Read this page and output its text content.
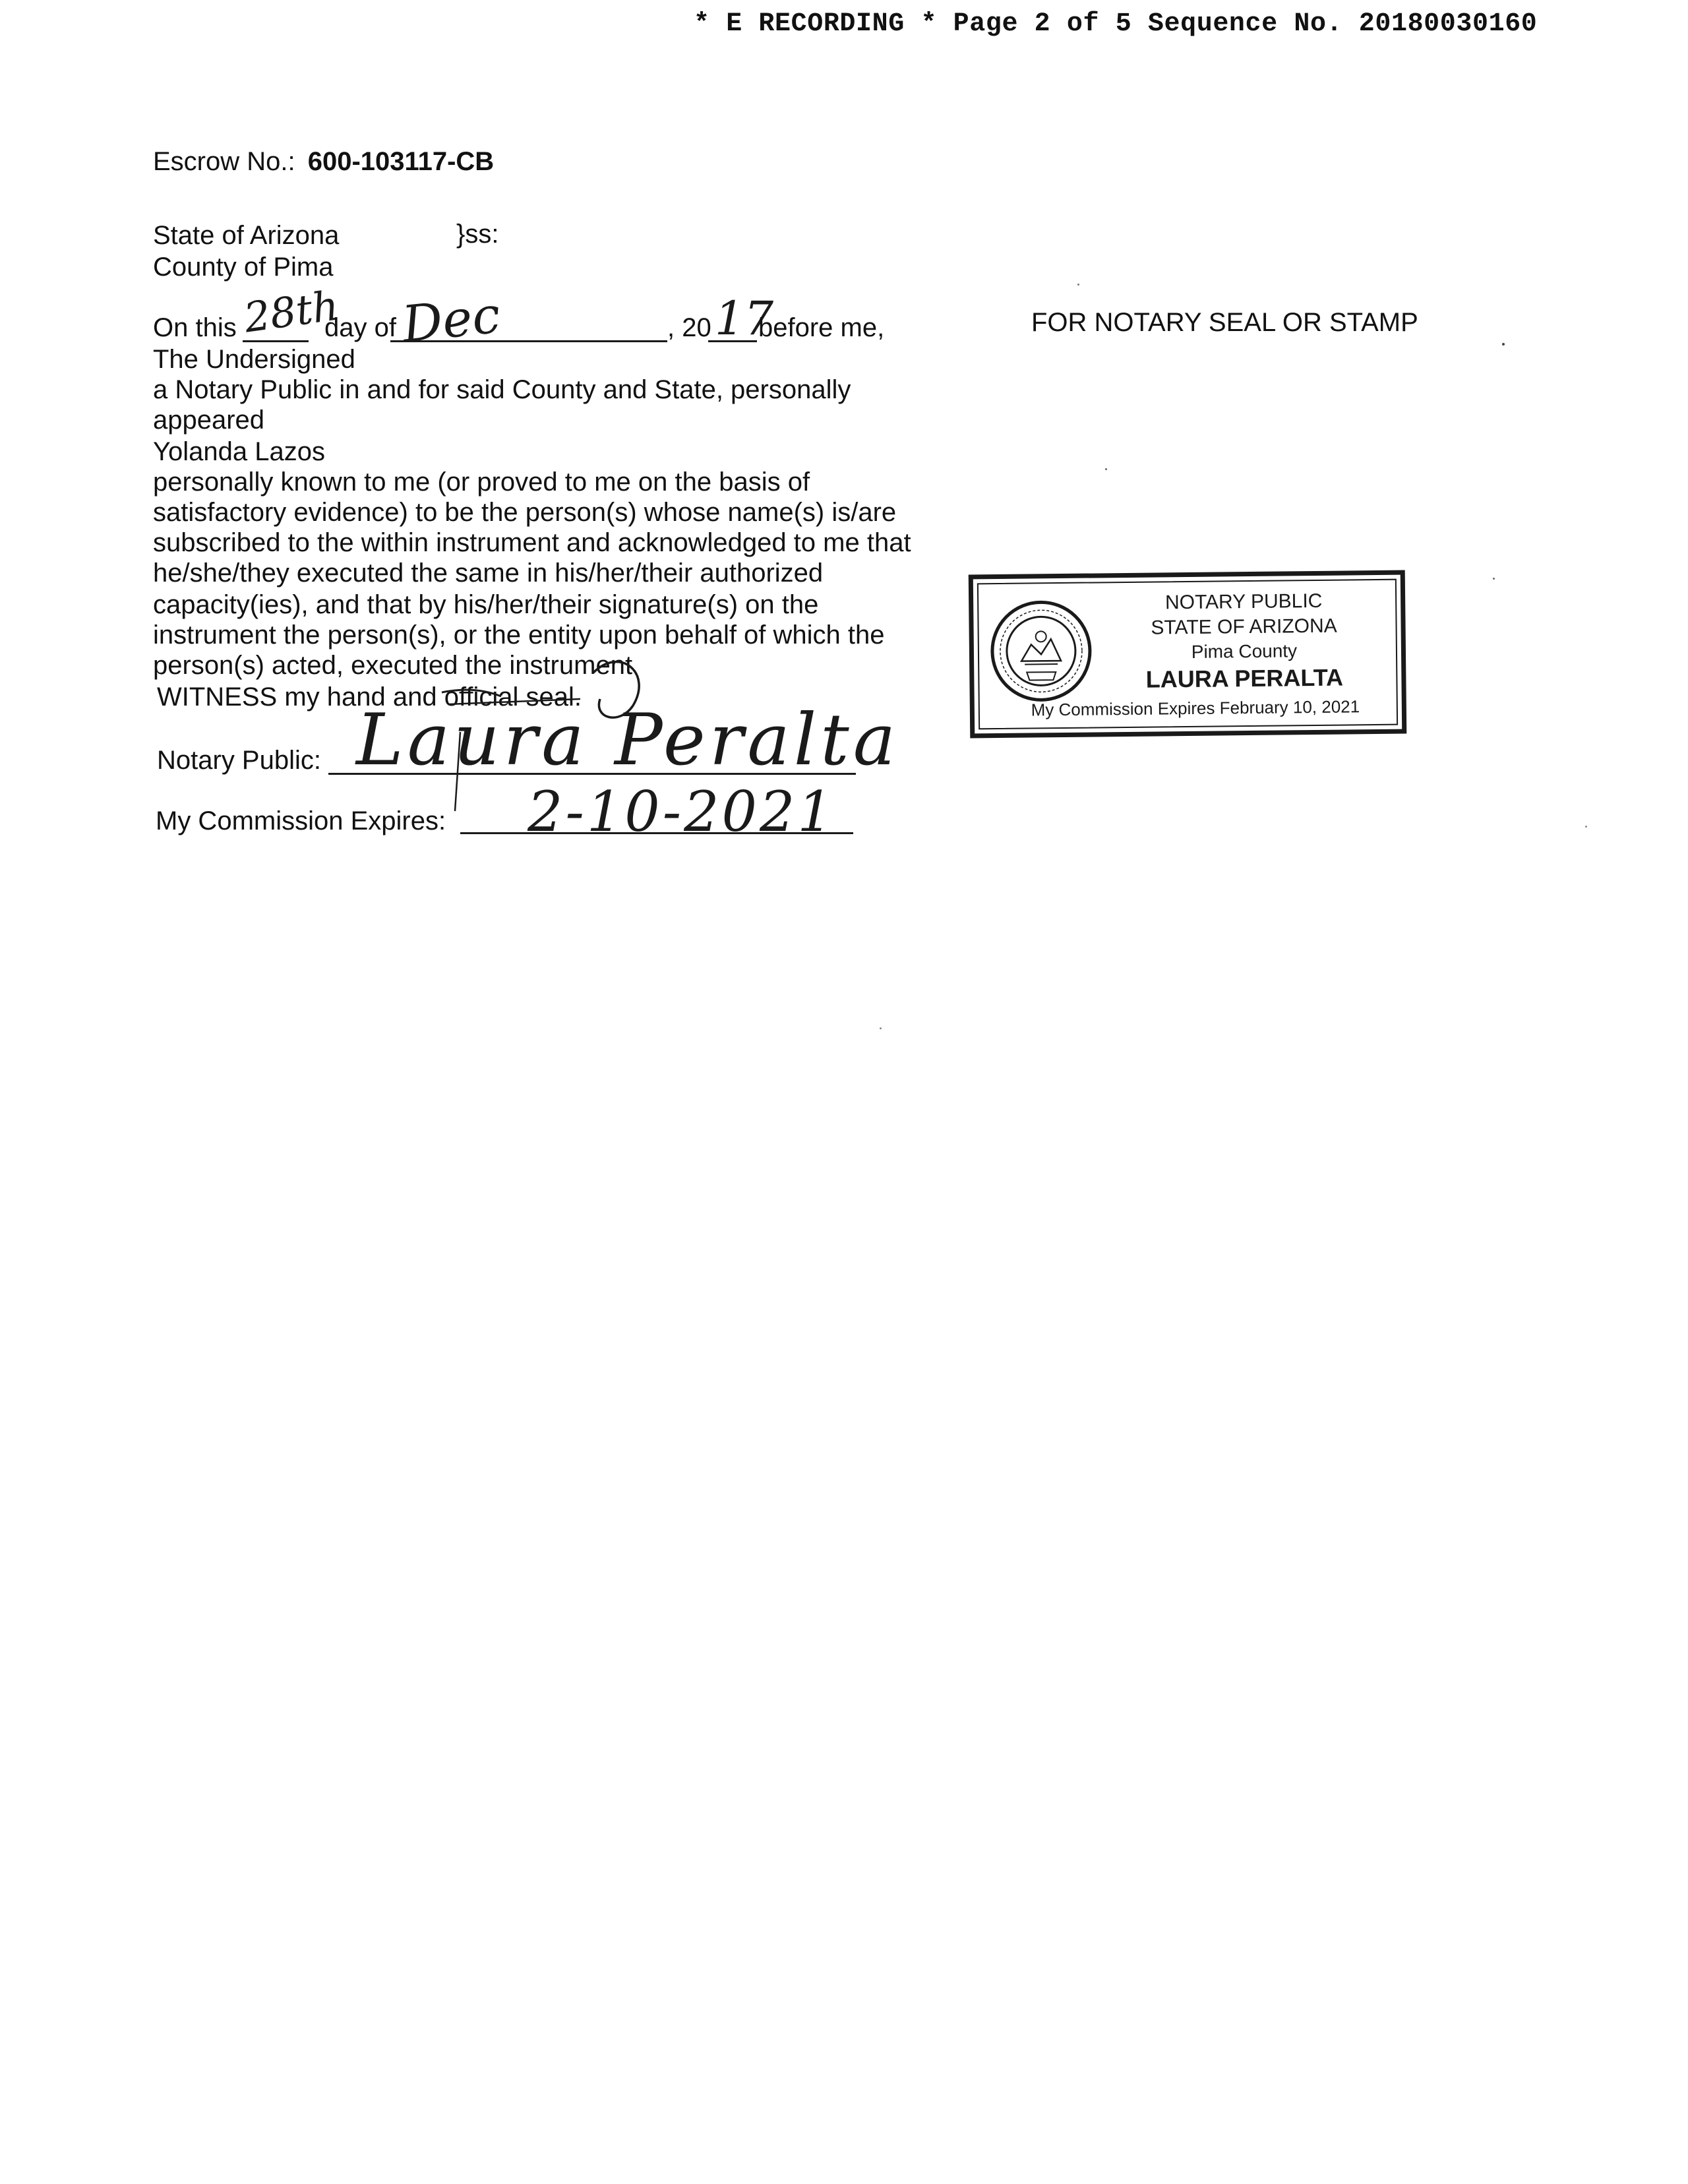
* E RECORDING * Page 2 of 5 Sequence No. 20180030160
Escrow No.: 600-103117-CB
State of Arizona	}ss:
County of Pima
On this 28th
day of Dec	, 20 17
before me,
The Undersigned
a Notary Public in and for said County and State, personally
appeared
Yolanda Lazos
personally known to me (or proved to me on the basis of
satisfactory evidence) to be the person(s) whose name(s) is/are
subscribed to the within instrument and acknowledged to me that
he/she/they executed the same in his/her/their authorized
capacity(ies), and that by his/her/their signature(s) on the
instrument the person(s), or the entity upon behalf of which the
person(s) acted, executed the instrument
WITNESS my hand and official seal.
FOR NOTARY SEAL OR STAMP
NOTARY PUBLIC
STATE OF ARIZONA
Pima County
LAURA PERALTA
My Commission Expires February 10, 2021
Notary Public: Laura Peralta
My Commission Expires: 2-10-2021
